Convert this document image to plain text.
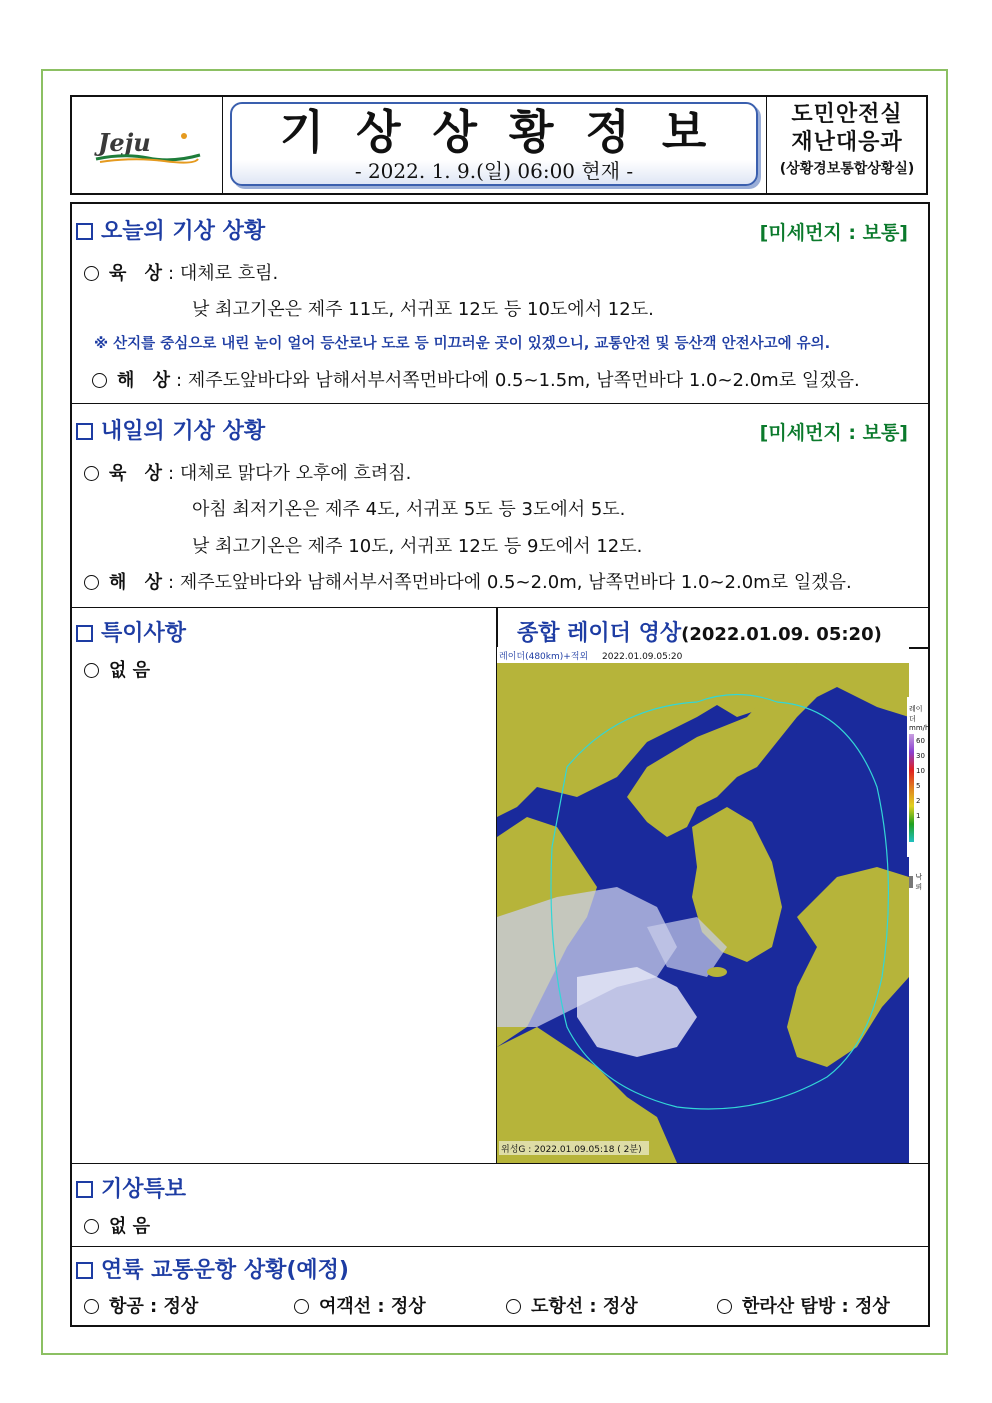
Jeju	기상상황정보
- 2022. 1. 9.(일) 06:00 현재 -
도민안전실
재난대응과
(상황경보통합상황실)
오늘의 기상 상황	[미세먼지 : 보통]
육 상: 대체로 흐림.
낮 최고기온은 제주 11도, 서귀포 12도 등 10도에서 12도.
※ 산지를 중심으로 내린 눈이 얼어 등산로나 도로 등 미끄러운 곳이 있겠으니, 교통안전 및 등산객 안전사고에 유의.
해 상: 제주도앞바다와 남해서부서쪽먼바다에 0.5~1.5m, 남쪽먼바다 1.0~2.0m로 일겠음.
내일의 기상 상황	[미세먼지 : 보통]
육 상: 대체로 맑다가 오후에 흐려짐.
아침 최저기온은 제주 4도, 서귀포 5도 등 3도에서 5도.
낮 최고기온은 제주 10도, 서귀포 12도 등 9도에서 12도.
해 상: 제주도앞바다와 남해서부서쪽먼바다에 0.5~2.0m, 남쪽먼바다 1.0~2.0m로 일겠음.
특이사항
없 음
종합 레이더 영상(2022.01.09. 05:20)
레이더(480km)+적외 2022.01.09.05:20
위성G : 2022.01.09.05:18 ( 2분)
레이더
mm/h
60
30
10
5
2
1
낙뢰
기상특보
없 음
연륙 교통운항 상황(예정)
항공 : 정상	여객선 : 정상	도항선 : 정상	한라산 탐방 : 정상
